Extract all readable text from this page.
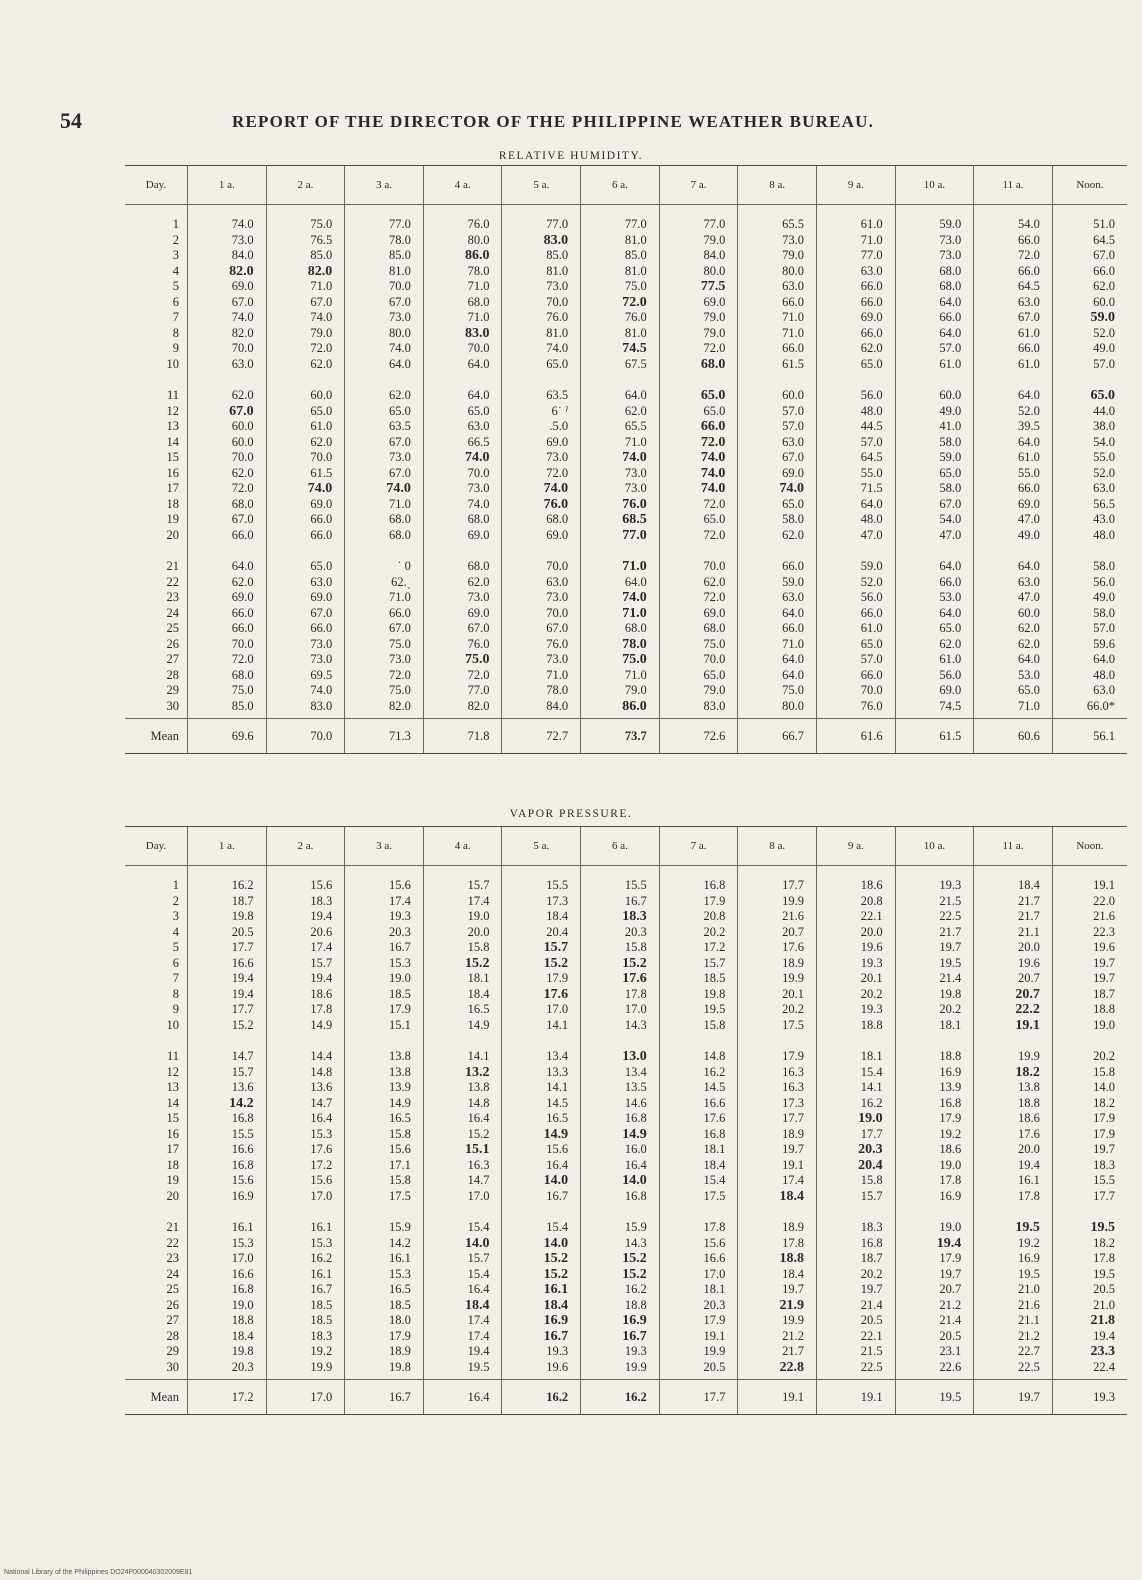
54	REPORT OF THE DIRECTOR OF THE PHILIPPINE WEATHER BUREAU.
RELATIVE HUMIDITY.
Day.	1 a.	2 a.	3 a.	4 a.	5 a.	6 a.	7 a.	8 a.	9 a.	10 a.	11 a.	Noon.
1	74.0	75.0	77.0	76.0	77.0	77.0	77.0	65.5	61.0	59.0	54.0	51.0
2	73.0	76.5	78.0	80.0	83.0	81.0	79.0	73.0	71.0	73.0	66.0	64.5
3	84.0	85.0	85.0	86.0	85.0	85.0	84.0	79.0	77.0	73.0	72.0	67.0
4	82.0	82.0	81.0	78.0	81.0	81.0	80.0	80.0	63.0	68.0	66.0	66.0
5	69.0	71.0	70.0	71.0	73.0	75.0	77.5	63.0	66.0	68.0	64.5	62.0
6	67.0	67.0	67.0	68.0	70.0	72.0	69.0	66.0	66.0	64.0	63.0	60.0
7	74.0	74.0	73.0	71.0	76.0	76.0	79.0	71.0	69.0	66.0	67.0	59.0
8	82.0	79.0	80.0	83.0	81.0	81.0	79.0	71.0	66.0	64.0	61.0	52.0
9	70.0	72.0	74.0	70.0	74.0	74.5	72.0	66.0	62.0	57.0	66.0	49.0
10	63.0	62.0	64.0	64.0	65.0	67.5	68.0	61.5	65.0	61.0	61.0	57.0
11	62.0	60.0	62.0	64.0	63.5	64.0	65.0	60.0	56.0	60.0	64.0	65.0
12	67.0	65.0	65.0	65.0	6˙ ˀ	62.0	65.0	57.0	48.0	49.0	52.0	44.0
13	60.0	61.0	63.5	63.0	.5.0	65.5	66.0	57.0	44.5	41.0	39.5	38.0
14	60.0	62.0	67.0	66.5	69.0	71.0	72.0	63.0	57.0	58.0	64.0	54.0
15	70.0	70.0	73.0	74.0	73.0	74.0	74.0	67.0	64.5	59.0	61.0	55.0
16	62.0	61.5	67.0	70.0	72.0	73.0	74.0	69.0	55.0	65.0	55.0	52.0
17	72.0	74.0	74.0	73.0	74.0	73.0	74.0	74.0	71.5	58.0	66.0	63.0
18	68.0	69.0	71.0	74.0	76.0	76.0	72.0	65.0	64.0	67.0	69.0	56.5
19	67.0	66.0	68.0	68.0	68.0	68.5	65.0	58.0	48.0	54.0	47.0	43.0
20	66.0	66.0	68.0	69.0	69.0	77.0	72.0	62.0	47.0	47.0	49.0	48.0
21	64.0	65.0	˙ 0	68.0	70.0	71.0	70.0	66.0	59.0	64.0	64.0	58.0
22	62.0	63.0	62.˯	62.0	63.0	64.0	62.0	59.0	52.0	66.0	63.0	56.0
23	69.0	69.0	71.0	73.0	73.0	74.0	72.0	63.0	56.0	53.0	47.0	49.0
24	66.0	67.0	66.0	69.0	70.0	71.0	69.0	64.0	66.0	64.0	60.0	58.0
25	66.0	66.0	67.0	67.0	67.0	68.0	68.0	66.0	61.0	65.0	62.0	57.0
26	70.0	73.0	75.0	76.0	76.0	78.0	75.0	71.0	65.0	62.0	62.0	59.6
27	72.0	73.0	73.0	75.0	73.0	75.0	70.0	64.0	57.0	61.0	64.0	64.0
28	68.0	69.5	72.0	72.0	71.0	71.0	65.0	64.0	66.0	56.0	53.0	48.0
29	75.0	74.0	75.0	77.0	78.0	79.0	79.0	75.0	70.0	69.0	65.0	63.0
30	85.0	83.0	82.0	82.0	84.0	86.0	83.0	80.0	76.0	74.5	71.0	66.0*
Mean	69.6	70.0	71.3	71.8	72.7	73.7	72.6	66.7	61.6	61.5	60.6	56.1
VAPOR PRESSURE.
Day.	1 a.	2 a.	3 a.	4 a.	5 a.	6 a.	7 a.	8 a.	9 a.	10 a.	11 a.	Noon.
1	16.2	15.6	15.6	15.7	15.5	15.5	16.8	17.7	18.6	19.3	18.4	19.1
2	18.7	18.3	17.4	17.4	17.3	16.7	17.9	19.9	20.8	21.5	21.7	22.0
3	19.8	19.4	19.3	19.0	18.4	18.3	20.8	21.6	22.1	22.5	21.7	21.6
4	20.5	20.6	20.3	20.0	20.4	20.3	20.2	20.7	20.0	21.7	21.1	22.3
5	17.7	17.4	16.7	15.8	15.7	15.8	17.2	17.6	19.6	19.7	20.0	19.6
6	16.6	15.7	15.3	15.2	15.2	15.2	15.7	18.9	19.3	19.5	19.6	19.7
7	19.4	19.4	19.0	18.1	17.9	17.6	18.5	19.9	20.1	21.4	20.7	19.7
8	19.4	18.6	18.5	18.4	17.6	17.8	19.8	20.1	20.2	19.8	20.7	18.7
9	17.7	17.8	17.9	16.5	17.0	17.0	19.5	20.2	19.3	20.2	22.2	18.8
10	15.2	14.9	15.1	14.9	14.1	14.3	15.8	17.5	18.8	18.1	19.1	19.0
11	14.7	14.4	13.8	14.1	13.4	13.0	14.8	17.9	18.1	18.8	19.9	20.2
12	15.7	14.8	13.8	13.2	13.3	13.4	16.2	16.3	15.4	16.9	18.2	15.8
13	13.6	13.6	13.9	13.8	14.1	13.5	14.5	16.3	14.1	13.9	13.8	14.0
14	14.2	14.7	14.9	14.8	14.5	14.6	16.6	17.3	16.2	16.8	18.8	18.2
15	16.8	16.4	16.5	16.4	16.5	16.8	17.6	17.7	19.0	17.9	18.6	17.9
16	15.5	15.3	15.8	15.2	14.9	14.9	16.8	18.9	17.7	19.2	17.6	17.9
17	16.6	17.6	15.6	15.1	15.6	16.0	18.1	19.7	20.3	18.6	20.0	19.7
18	16.8	17.2	17.1	16.3	16.4	16.4	18.4	19.1	20.4	19.0	19.4	18.3
19	15.6	15.6	15.8	14.7	14.0	14.0	15.4	17.4	15.8	17.8	16.1	15.5
20	16.9	17.0	17.5	17.0	16.7	16.8	17.5	18.4	15.7	16.9	17.8	17.7
21	16.1	16.1	15.9	15.4	15.4	15.9	17.8	18.9	18.3	19.0	19.5	19.5
22	15.3	15.3	14.2	14.0	14.0	14.3	15.6	17.8	16.8	19.4	19.2	18.2
23	17.0	16.2	16.1	15.7	15.2	15.2	16.6	18.8	18.7	17.9	16.9	17.8
24	16.6	16.1	15.3	15.4	15.2	15.2	17.0	18.4	20.2	19.7	19.5	19.5
25	16.8	16.7	16.5	16.4	16.1	16.2	18.1	19.7	19.7	20.7	21.0	20.5
26	19.0	18.5	18.5	18.4	18.4	18.8	20.3	21.9	21.4	21.2	21.6	21.0
27	18.8	18.5	18.0	17.4	16.9	16.9	17.9	19.9	20.5	21.4	21.1	21.8
28	18.4	18.3	17.9	17.4	16.7	16.7	19.1	21.2	22.1	20.5	21.2	19.4
29	19.8	19.2	18.9	19.4	19.3	19.3	19.9	21.7	21.5	23.1	22.7	23.3
30	20.3	19.9	19.8	19.5	19.6	19.9	20.5	22.8	22.5	22.6	22.5	22.4
Mean	17.2	17.0	16.7	16.4	16.2	16.2	17.7	19.1	19.1	19.5	19.7	19.3
National Library of the Philippines DO24P000040302009E81
